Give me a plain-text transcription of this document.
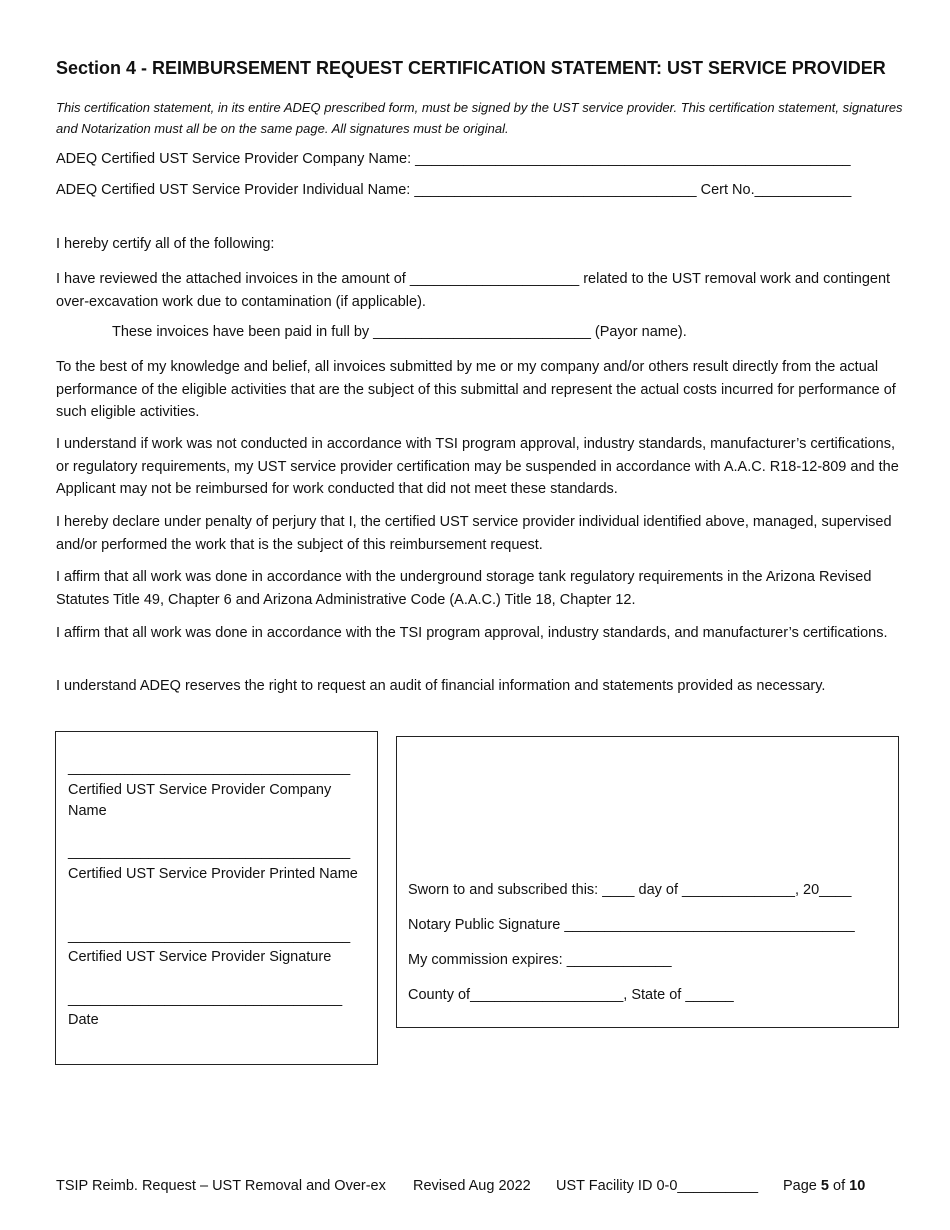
Section 4 - REIMBURSEMENT REQUEST CERTIFICATION STATEMENT: UST SERVICE PROVIDER
This certification statement, in its entire ADEQ prescribed form, must be signed by the UST service provider. This certification statement, signatures and Notarization must all be on the same page. All signatures must be original.
ADEQ Certified UST Service Provider Company Name: ______________________________________________________
ADEQ Certified UST Service Provider Individual Name: ___________________________________ Cert No.____________
I hereby certify all of the following:
I have reviewed the attached invoices in the amount of _____________________ related to the UST removal work and contingent over-excavation work due to contamination (if applicable).
These invoices have been paid in full by ___________________________ (Payor name).
To the best of my knowledge and belief, all invoices submitted by me or my company and/or others result directly from the actual performance of the eligible activities that are the subject of this submittal and represent the actual costs incurred for performance of such eligible activities.
I understand if work was not conducted in accordance with TSI program approval, industry standards, manufacturer’s certifications, or regulatory requirements, my UST service provider certification may be suspended in accordance with A.A.C. R18-12-809 and the Applicant may not be reimbursed for work conducted that did not meet these standards.
I hereby declare under penalty of perjury that I, the certified UST service provider individual identified above, managed, supervised and/or performed the work that is the subject of this reimbursement request.
I affirm that all work was done in accordance with the underground storage tank regulatory requirements in the Arizona Revised Statutes Title 49, Chapter 6 and Arizona Administrative Code (A.A.C.) Title 18, Chapter 12.
I affirm that all work was done in accordance with the TSI program approval, industry standards, and manufacturer’s certifications.
I understand ADEQ reserves the right to request an audit of financial information and statements provided as necessary.
___________________________________
Certified UST Service Provider Company Name
___________________________________
Certified UST Service Provider Printed Name
___________________________________
Certified UST Service Provider Signature
__________________________________
Date
Sworn to and subscribed this: ____ day of ______________, 20____
Notary Public Signature ____________________________________
My commission expires: _____________
County of___________________, State of ______
TSIP Reimb. Request – UST Removal and Over-ex Revised Aug 2022 UST Facility ID 0-0__________ Page 5 of 10
